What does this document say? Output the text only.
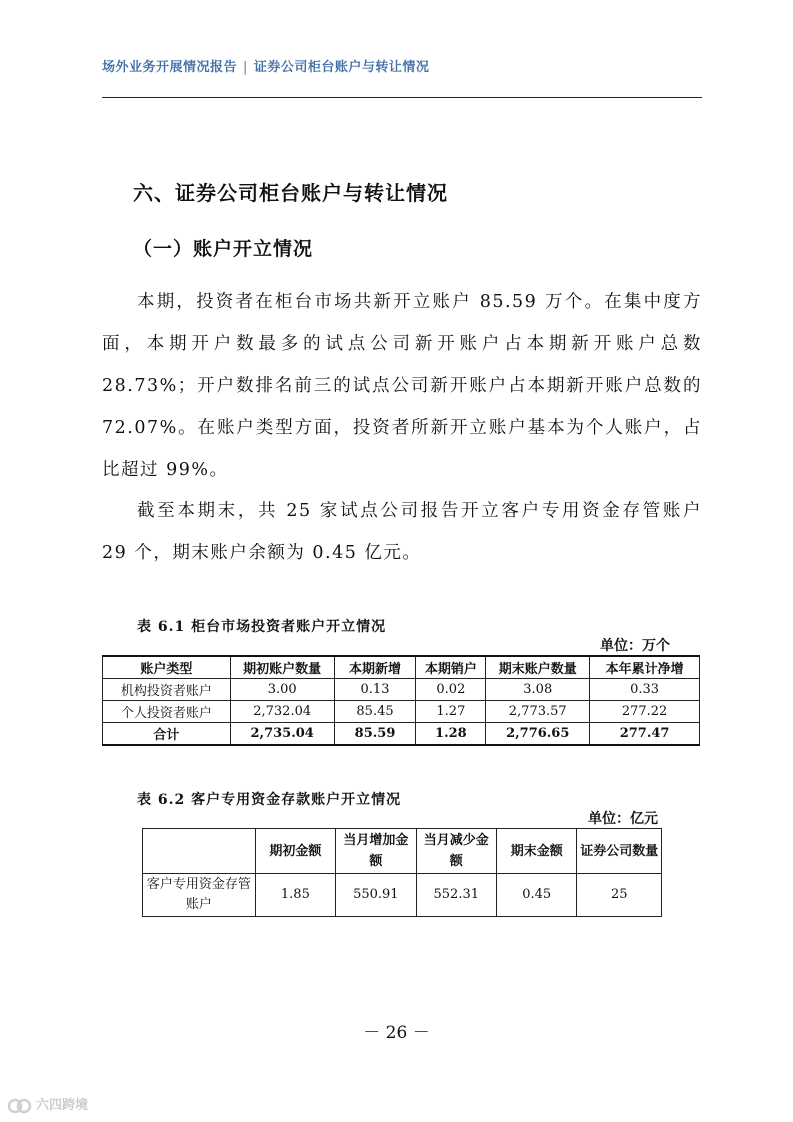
场外业务开展情况报告 | 证券公司柜台账户与转让情况
六、证券公司柜台账户与转让情况
（一）账户开立情况

本期，投资者在柜台市场共新开立账户 85.59 万个。在集中度方面，本期开户数最多的试点公司新开账户占本期新开账户总数 28.73%；开户数排名前三的试点公司新开账户占本期新开账户总数的 72.07%。在账户类型方面，投资者所新开立账户基本为个人账户，占比超过 99%。

截至本期末，共 25 家试点公司报告开立客户专用资金存管账户 29 个，期末账户余额为 0.45 亿元。

表 6.1 柜台市场投资者账户开立情况
单位：万个
账户类型	期初账户数量	本期新增	本期销户	期末账户数量	本年累计净增
机构投资者账户	3.00	0.13	0.02	3.08	0.33
个人投资者账户	2,732.04	85.45	1.27	2,773.57	277.22
合计	2,735.04	85.59	1.28	2,776.65	277.47
表 6.2 客户专用资金存款账户开立情况
单位：亿元
	期初金额	当月增加金额	当月减少金额	期末金额	证券公司数量
客户专用资金存管账户	1.85	550.91	552.31	0.45	25
－ 26 －
六四跨境
